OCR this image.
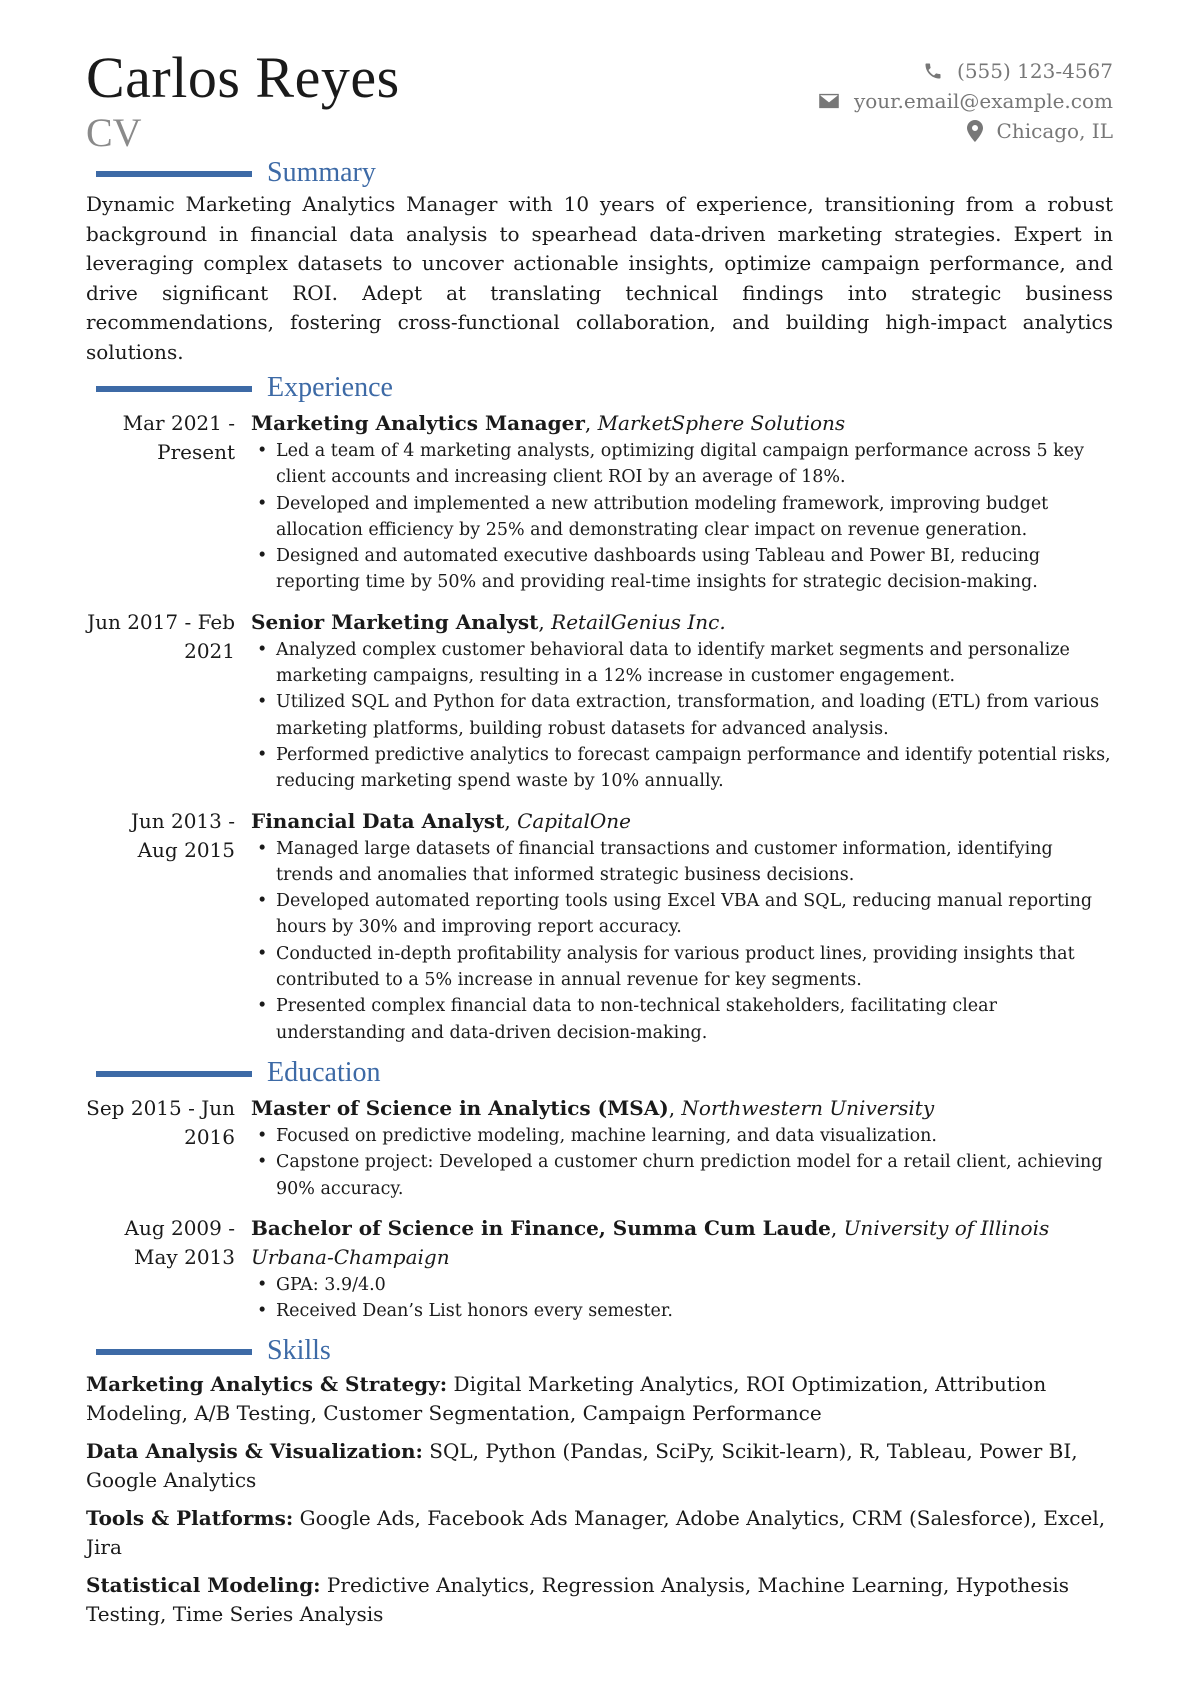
Carlos Reyes
CV
(555) 123-4567
your.email@example.com
Chicago, IL
Summary

Dynamic Marketing Analytics Manager with 10 years of experience, transitioning from a robust background in financial data analysis to spearhead data-driven marketing strategies. Expert in leveraging complex datasets to uncover actionable insights, optimize campaign performance, and drive significant ROI. Adept at translating technical findings into strategic business recommendations, fostering cross-functional collaboration, and building high-impact analytics solutions.

Experience
Mar 2021 - Present
Marketing Analytics Manager, MarketSphere Solutions
• Led a team of 4 marketing analysts, optimizing digital campaign performance across 5 key client accounts and increasing client ROI by an average of 18%.
• Developed and implemented a new attribution modeling framework, improving budget allocation efficiency by 25% and demonstrating clear impact on revenue generation.
• Designed and automated executive dashboards using Tableau and Power BI, reducing reporting time by 50% and providing real-time insights for strategic decision-making.
Jun 2017 - Feb 2021
Senior Marketing Analyst, RetailGenius Inc.
• Analyzed complex customer behavioral data to identify market segments and personalize marketing campaigns, resulting in a 12% increase in customer engagement.
• Utilized SQL and Python for data extraction, transformation, and loading (ETL) from various marketing platforms, building robust datasets for advanced analysis.
• Performed predictive analytics to forecast campaign performance and identify potential risks, reducing marketing spend waste by 10% annually.
Jun 2013 - Aug 2015
Financial Data Analyst, CapitalOne
• Managed large datasets of financial transactions and customer information, identifying trends and anomalies that informed strategic business decisions.
• Developed automated reporting tools using Excel VBA and SQL, reducing manual reporting hours by 30% and improving report accuracy.
• Conducted in-depth profitability analysis for various product lines, providing insights that contributed to a 5% increase in annual revenue for key segments.
• Presented complex financial data to non-technical stakeholders, facilitating clear understanding and data-driven decision-making.
Education
Sep 2015 - Jun 2016
Master of Science in Analytics (MSA), Northwestern University
• Focused on predictive modeling, machine learning, and data visualization.
• Capstone project: Developed a customer churn prediction model for a retail client, achieving 90% accuracy.
Aug 2009 - May 2013
Bachelor of Science in Finance, Summa Cum Laude, University of Illinois Urbana-Champaign
• GPA: 3.9/4.0
• Received Dean’s List honors every semester.
Skills
Marketing Analytics & Strategy: Digital Marketing Analytics, ROI Optimization, Attribution Modeling, A/B Testing, Customer Segmentation, Campaign Performance
Data Analysis & Visualization: SQL, Python (Pandas, SciPy, Scikit-learn), R, Tableau, Power BI, Google Analytics
Tools & Platforms: Google Ads, Facebook Ads Manager, Adobe Analytics, CRM (Salesforce), Excel, Jira
Statistical Modeling: Predictive Analytics, Regression Analysis, Machine Learning, Hypothesis Testing, Time Series Analysis
